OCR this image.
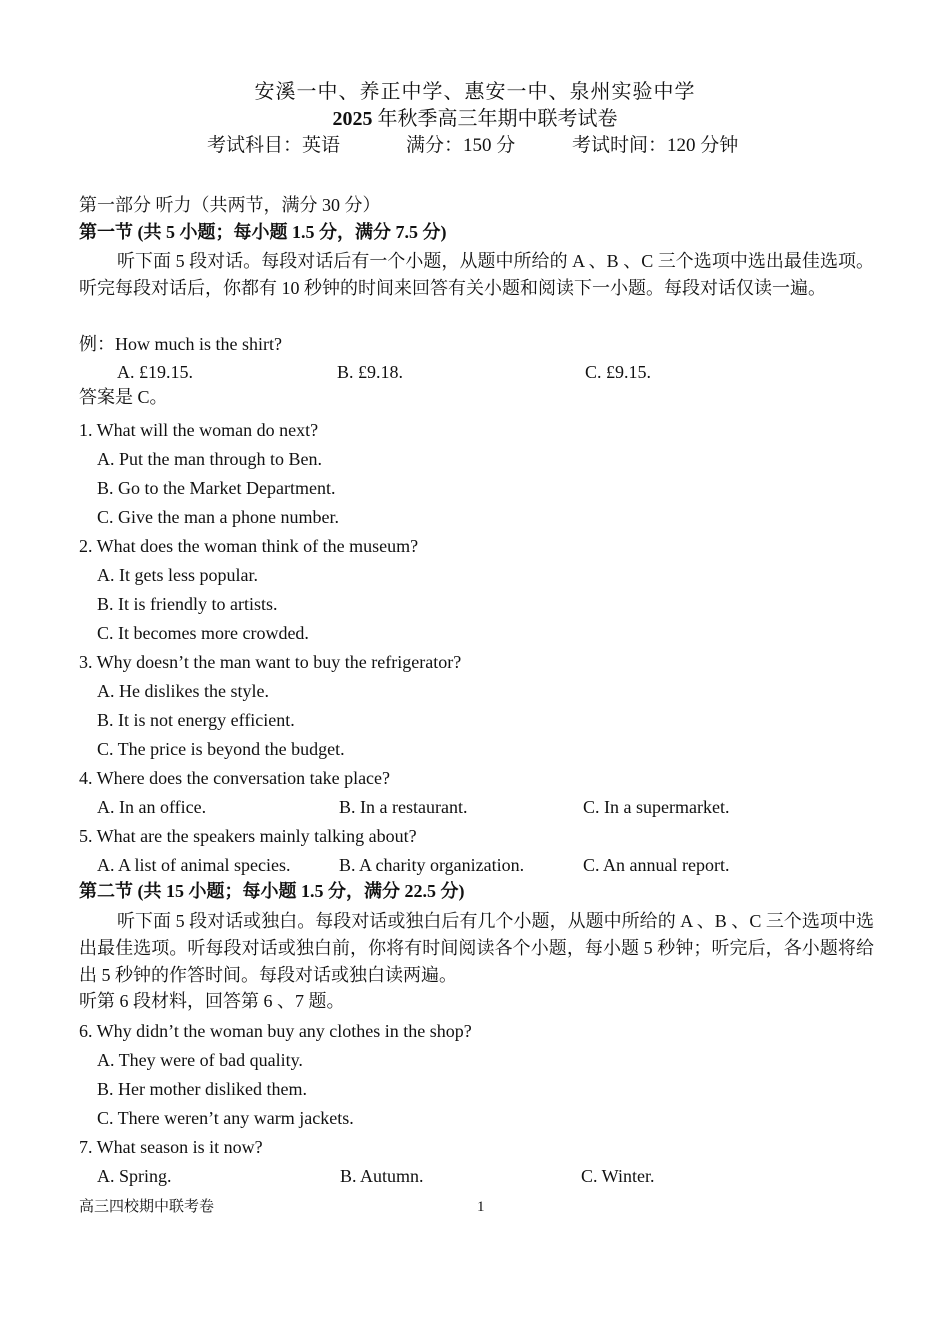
安溪一中、养正中学、惠安一中、泉州实验中学
2025 年秋季高三年期中联考试卷
考试科目：英语	满分：150 分	考试时间：120 分钟
第一部分 听力（共两节，满分 30 分）
第一节 (共 5 小题；每小题 1.5 分，满分 7.5 分)
听下面 5 段对话。每段对话后有一个小题，从题中所给的 A 、B 、C 三个选项中选出最佳选项。听完每段对话后，你都有 10 秒钟的时间来回答有关小题和阅读下一小题。每段对话仅读一遍。
例：How much is the shirt?
A. £19.15.	B. £9.18.	C. £9.15.
答案是 C。
1. What will the woman do next?
A. Put the man through to Ben.
B. Go to the Market Department.
C. Give the man a phone number.
2. What does the woman think of the museum?
A. It gets less popular.
B. It is friendly to artists.
C. It becomes more crowded.
3. Why doesn’t the man want to buy the refrigerator?
A. He dislikes the style.
B. It is not energy efficient.
C. The price is beyond the budget.
4. Where does the conversation take place?
A. In an office.	B. In a restaurant.	C. In a supermarket.
5. What are the speakers mainly talking about?
A. A list of animal species.	B. A charity organization.	C. An annual report.
第二节 (共 15 小题；每小题 1.5 分，满分 22.5 分)
听下面 5 段对话或独白。每段对话或独白后有几个小题，从题中所给的 A 、B 、C 三个选项中选出最佳选项。听每段对话或独白前，你将有时间阅读各个小题，每小题 5 秒钟；听完后，各小题将给出 5 秒钟的作答时间。每段对话或独白读两遍。
听第 6 段材料，回答第 6 、7 题。
6. Why didn’t the woman buy any clothes in the shop?
A. They were of bad quality.
B. Her mother disliked them.
C. There weren’t any warm jackets.
7. What season is it now?
A. Spring.	B. Autumn.	C. Winter.
高三四校期中联考卷	1
